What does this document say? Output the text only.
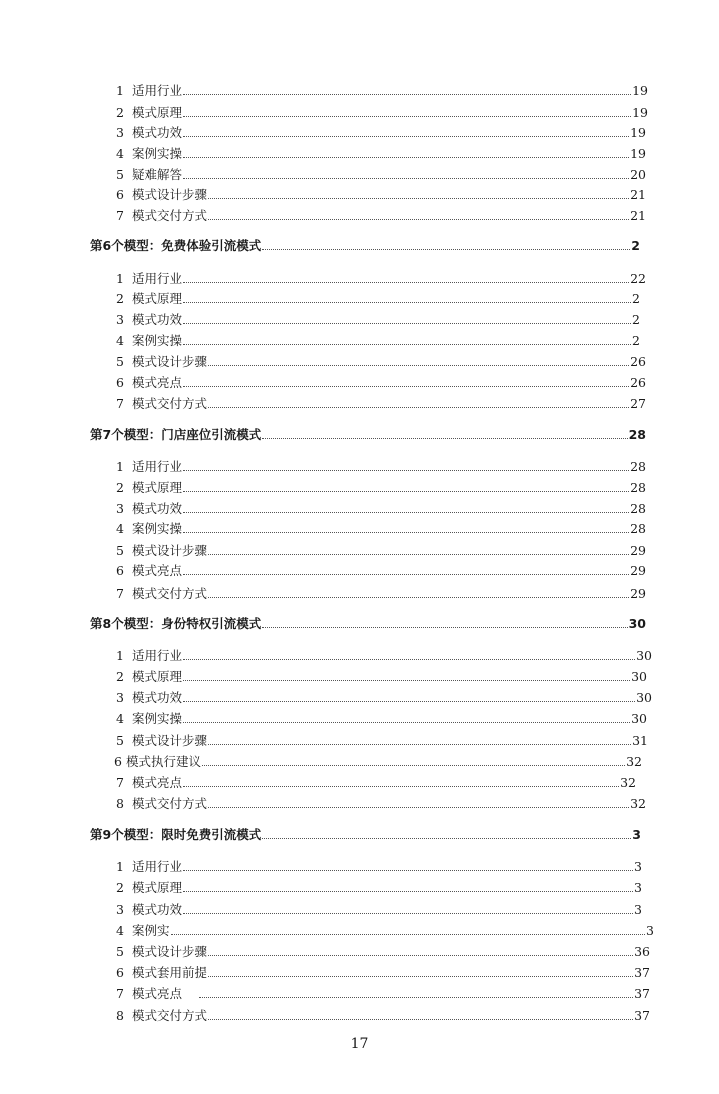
1 适用行业	19
2 模式原理	19
3 模式功效	19
4 案例实操	19
5 疑难解答	20
6 模式设计步骤	21
7 模式交付方式	21
第6个模型：免费体验引流模式	2
1 适用行业	22
2 模式原理	2
3 模式功效	2
4 案例实操	2
5 模式设计步骤	26
6 模式亮点	26
7 模式交付方式	27
第7个模型：门店座位引流模式	28
1 适用行业	28
2 模式原理	28
3 模式功效	28
4 案例实操	28
5 模式设计步骤	29
6 模式亮点	29
7 模式交付方式	29
第8个模型：身份特权引流模式	30
1 适用行业	30
2 模式原理	30
3 模式功效	30
4 案例实操	30
5 模式设计步骤	31
6 模式执行建议	32
7 模式亮点	32
8 模式交付方式	32
第9个模型：限时免费引流模式	3
1 适用行业	3
2 模式原理	3
3 模式功效	3
4 案例实	3
5 模式设计步骤	36
6 模式套用前提	37
7 模式亮点	37
8 模式交付方式	37
17
